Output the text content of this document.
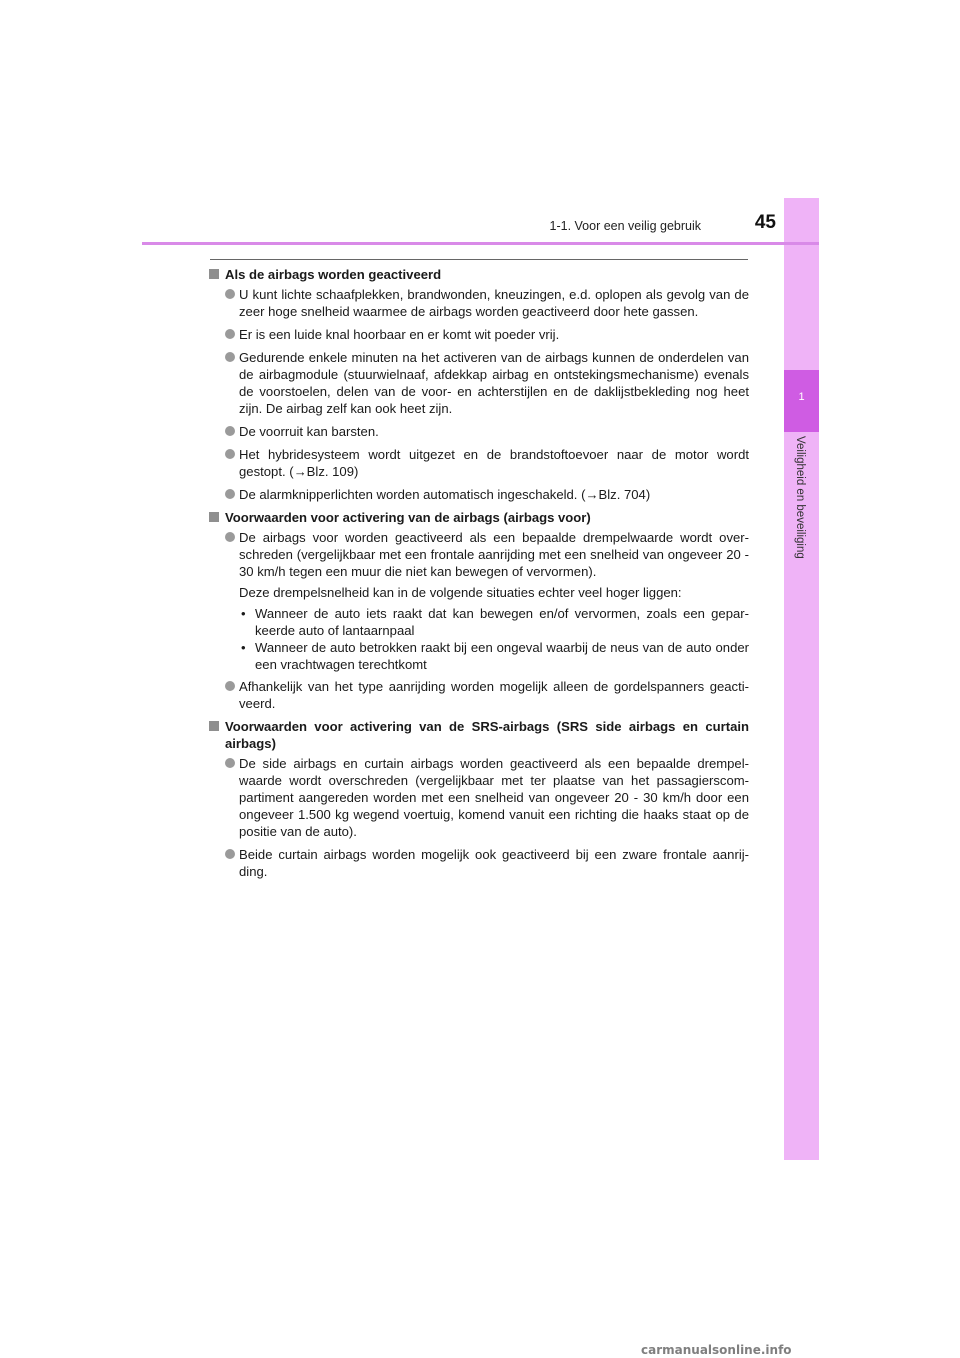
1
Veiligheid en beveiliging
1-1. Voor een veilig gebruik	45
Als de airbags worden geactiveerd
U kunt lichte schaafplekken, brandwonden, kneuzingen, e.d. oplopen als gevolg van de zeer hoge snelheid waarmee de airbags worden geactiveerd door hete gassen.
Er is een luide knal hoorbaar en er komt wit poeder vrij.
Gedurende enkele minuten na het activeren van de airbags kunnen de onderdelen van de airbagmodule (stuurwielnaaf, afdekkap airbag en ontstekingsmechanisme) evenals de voorstoelen, delen van de voor- en achterstijlen en de daklijstbekleding nog heet zijn. De airbag zelf kan ook heet zijn.
De voorruit kan barsten.
Het hybridesysteem wordt uitgezet en de brandstoftoevoer naar de motor wordt gestopt. (→Blz. 109)
De alarmknipperlichten worden automatisch ingeschakeld. (→Blz. 704)
Voorwaarden voor activering van de airbags (airbags voor)
De airbags voor worden geactiveerd als een bepaalde drempelwaarde wordt over-schreden (vergelijkbaar met een frontale aanrijding met een snelheid van ongeveer 20 - 30 km/h tegen een muur die niet kan bewegen of vervormen).
Deze drempelsnelheid kan in de volgende situaties echter veel hoger liggen:
• Wanneer de auto iets raakt dat kan bewegen en/of vervormen, zoals een gepar-keerde auto of lantaarnpaal
• Wanneer de auto betrokken raakt bij een ongeval waarbij de neus van de auto onder een vrachtwagen terechtkomt
Afhankelijk van het type aanrijding worden mogelijk alleen de gordelspanners geacti-veerd.
Voorwaarden voor activering van de SRS-airbags (SRS side airbags en curtain airbags)
De side airbags en curtain airbags worden geactiveerd als een bepaalde drempel-waarde wordt overschreden (vergelijkbaar met ter plaatse van het passagierscom-partiment aangereden worden met een snelheid van ongeveer 20 - 30 km/h door een ongeveer 1.500 kg wegend voertuig, komend vanuit een richting die haaks staat op de positie van de auto).
Beide curtain airbags worden mogelijk ook geactiveerd bij een zware frontale aanrij-ding.
carmanualsonline.info
